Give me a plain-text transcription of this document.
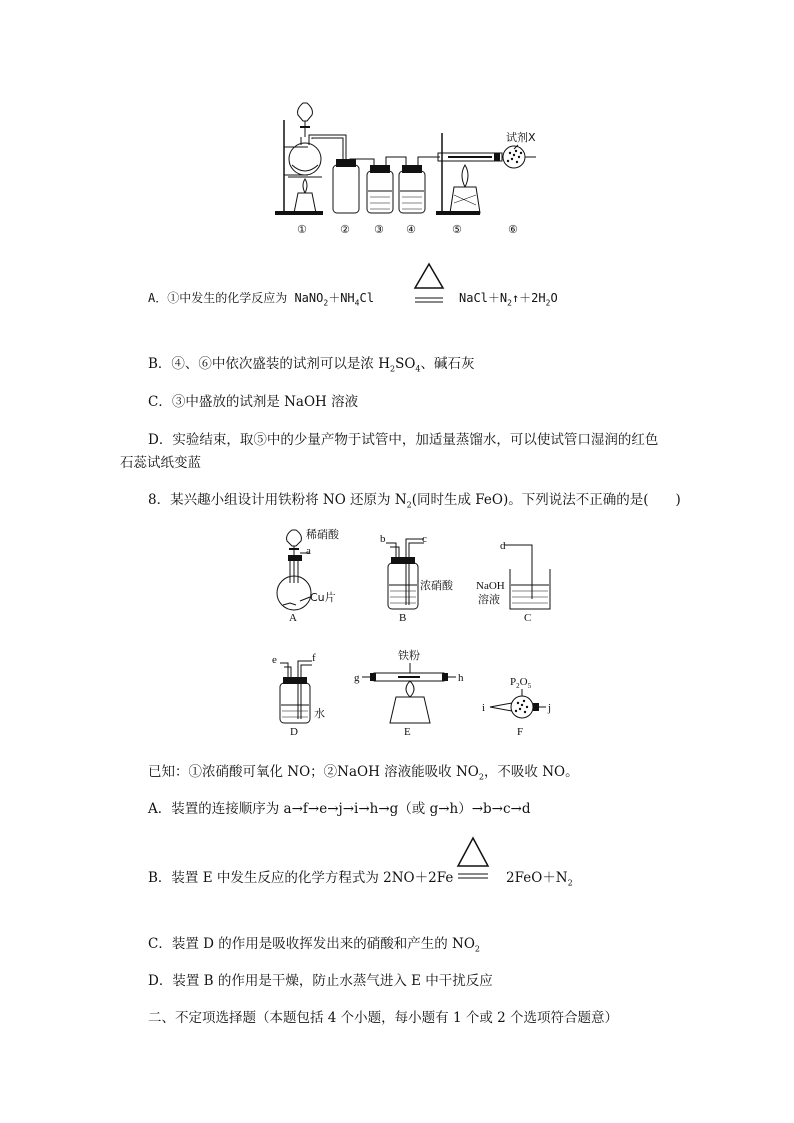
试剂X
①	② ③ ④	⑤	⑥
A．①中发生的化学反应为 $NaNO_2+NH_4Cl$	$NaCl+N_2↑+2H_2O$
B．④、⑥中依次盛装的试剂可以是浓 $H_2SO_4$、碱石灰
C．③中盛放的试剂是 NaOH 溶液
D．实验结束，取⑤中的少量产物于试管中，加适量蒸馏水，可以使试管口湿润的红色
石蕊试纸变蓝
8．某兴趣小组设计用铁粉将 NO 还原为 $N_2$(同时生成 FeO)。下列说法不正确的是(　　)
稀硝酸
a
Cu片
A
b	c
浓硝酸
B
d
NaOH
溶液
C
e	f
水
D
铁粉
g	h
E
$P_2O_5$
i	j
F
已知：①浓硝酸可氧化 NO；②NaOH 溶液能吸收 $NO_2$，不吸收 NO。
A．装置的连接顺序为 a→f→e→j→i→h→g（或 g→h）→b→c→d
B．装置 E 中发生反应的化学方程式为 2NO＋2Fe	$2FeO+N_2$
C．装置 D 的作用是吸收挥发出来的硝酸和产生的 $NO_2$
D．装置 B 的作用是干燥，防止水蒸气进入 E 中干扰反应
二、不定项选择题（本题包括 4 个小题，每小题有 1 个或 2 个选项符合题意）
